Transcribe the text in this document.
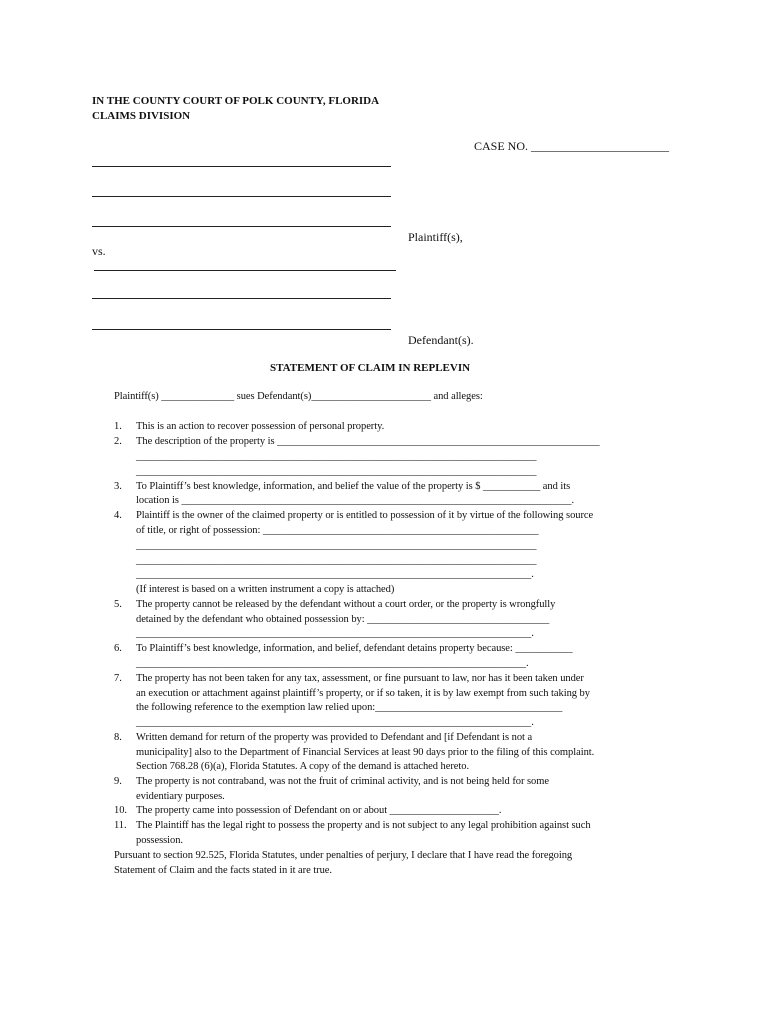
IN THE COUNTY COURT OF POLK COUNTY, FLORIDA
CLAIMS DIVISION
CASE NO. _______________________
Plaintiff(s),
vs.
Defendant(s).
STATEMENT OF CLAIM IN REPLEVIN
Plaintiff(s) ______________ sues Defendant(s)_______________________ and alleges:
1. This is an action to recover possession of personal property.
2. The description of the property is ______________________________________________________________
_____________________________________________________________________________
_____________________________________________________________________________
3. To Plaintiff’s best knowledge, information, and belief the value of the property is $ ___________ and its
location is ___________________________________________________________________________.
4. Plaintiff is the owner of the claimed property or is entitled to possession of it by virtue of the following source
of title, or right of possession: _____________________________________________________
_____________________________________________________________________________
_____________________________________________________________________________
____________________________________________________________________________.
(If interest is based on a written instrument a copy is attached)
5. The property cannot be released by the defendant without a court order, or the property is wrongfully
detained by the defendant who obtained possession by: ___________________________________
____________________________________________________________________________.
6. To Plaintiff’s best knowledge, information, and belief, defendant detains property because: ___________
___________________________________________________________________________.
7. The property has not been taken for any tax, assessment, or fine pursuant to law, nor has it been taken under
an execution or attachment against plaintiff’s property, or if so taken, it is by law exempt from such taking by
the following reference to the exemption law relied upon:____________________________________
____________________________________________________________________________.
8. Written demand for return of the property was provided to Defendant and [if Defendant is not a
municipality] also to the Department of Financial Services at least 90 days prior to the filing of this complaint.
Section 768.28 (6)(a), Florida Statutes. A copy of the demand is attached hereto.
9. The property is not contraband, was not the fruit of criminal activity, and is not being held for some
evidentiary purposes.
10. The property came into possession of Defendant on or about _____________________.
11. The Plaintiff has the legal right to possess the property and is not subject to any legal prohibition against such
possession.
Pursuant to section 92.525, Florida Statutes, under penalties of perjury, I declare that I have read the foregoing
Statement of Claim and the facts stated in it are true.
